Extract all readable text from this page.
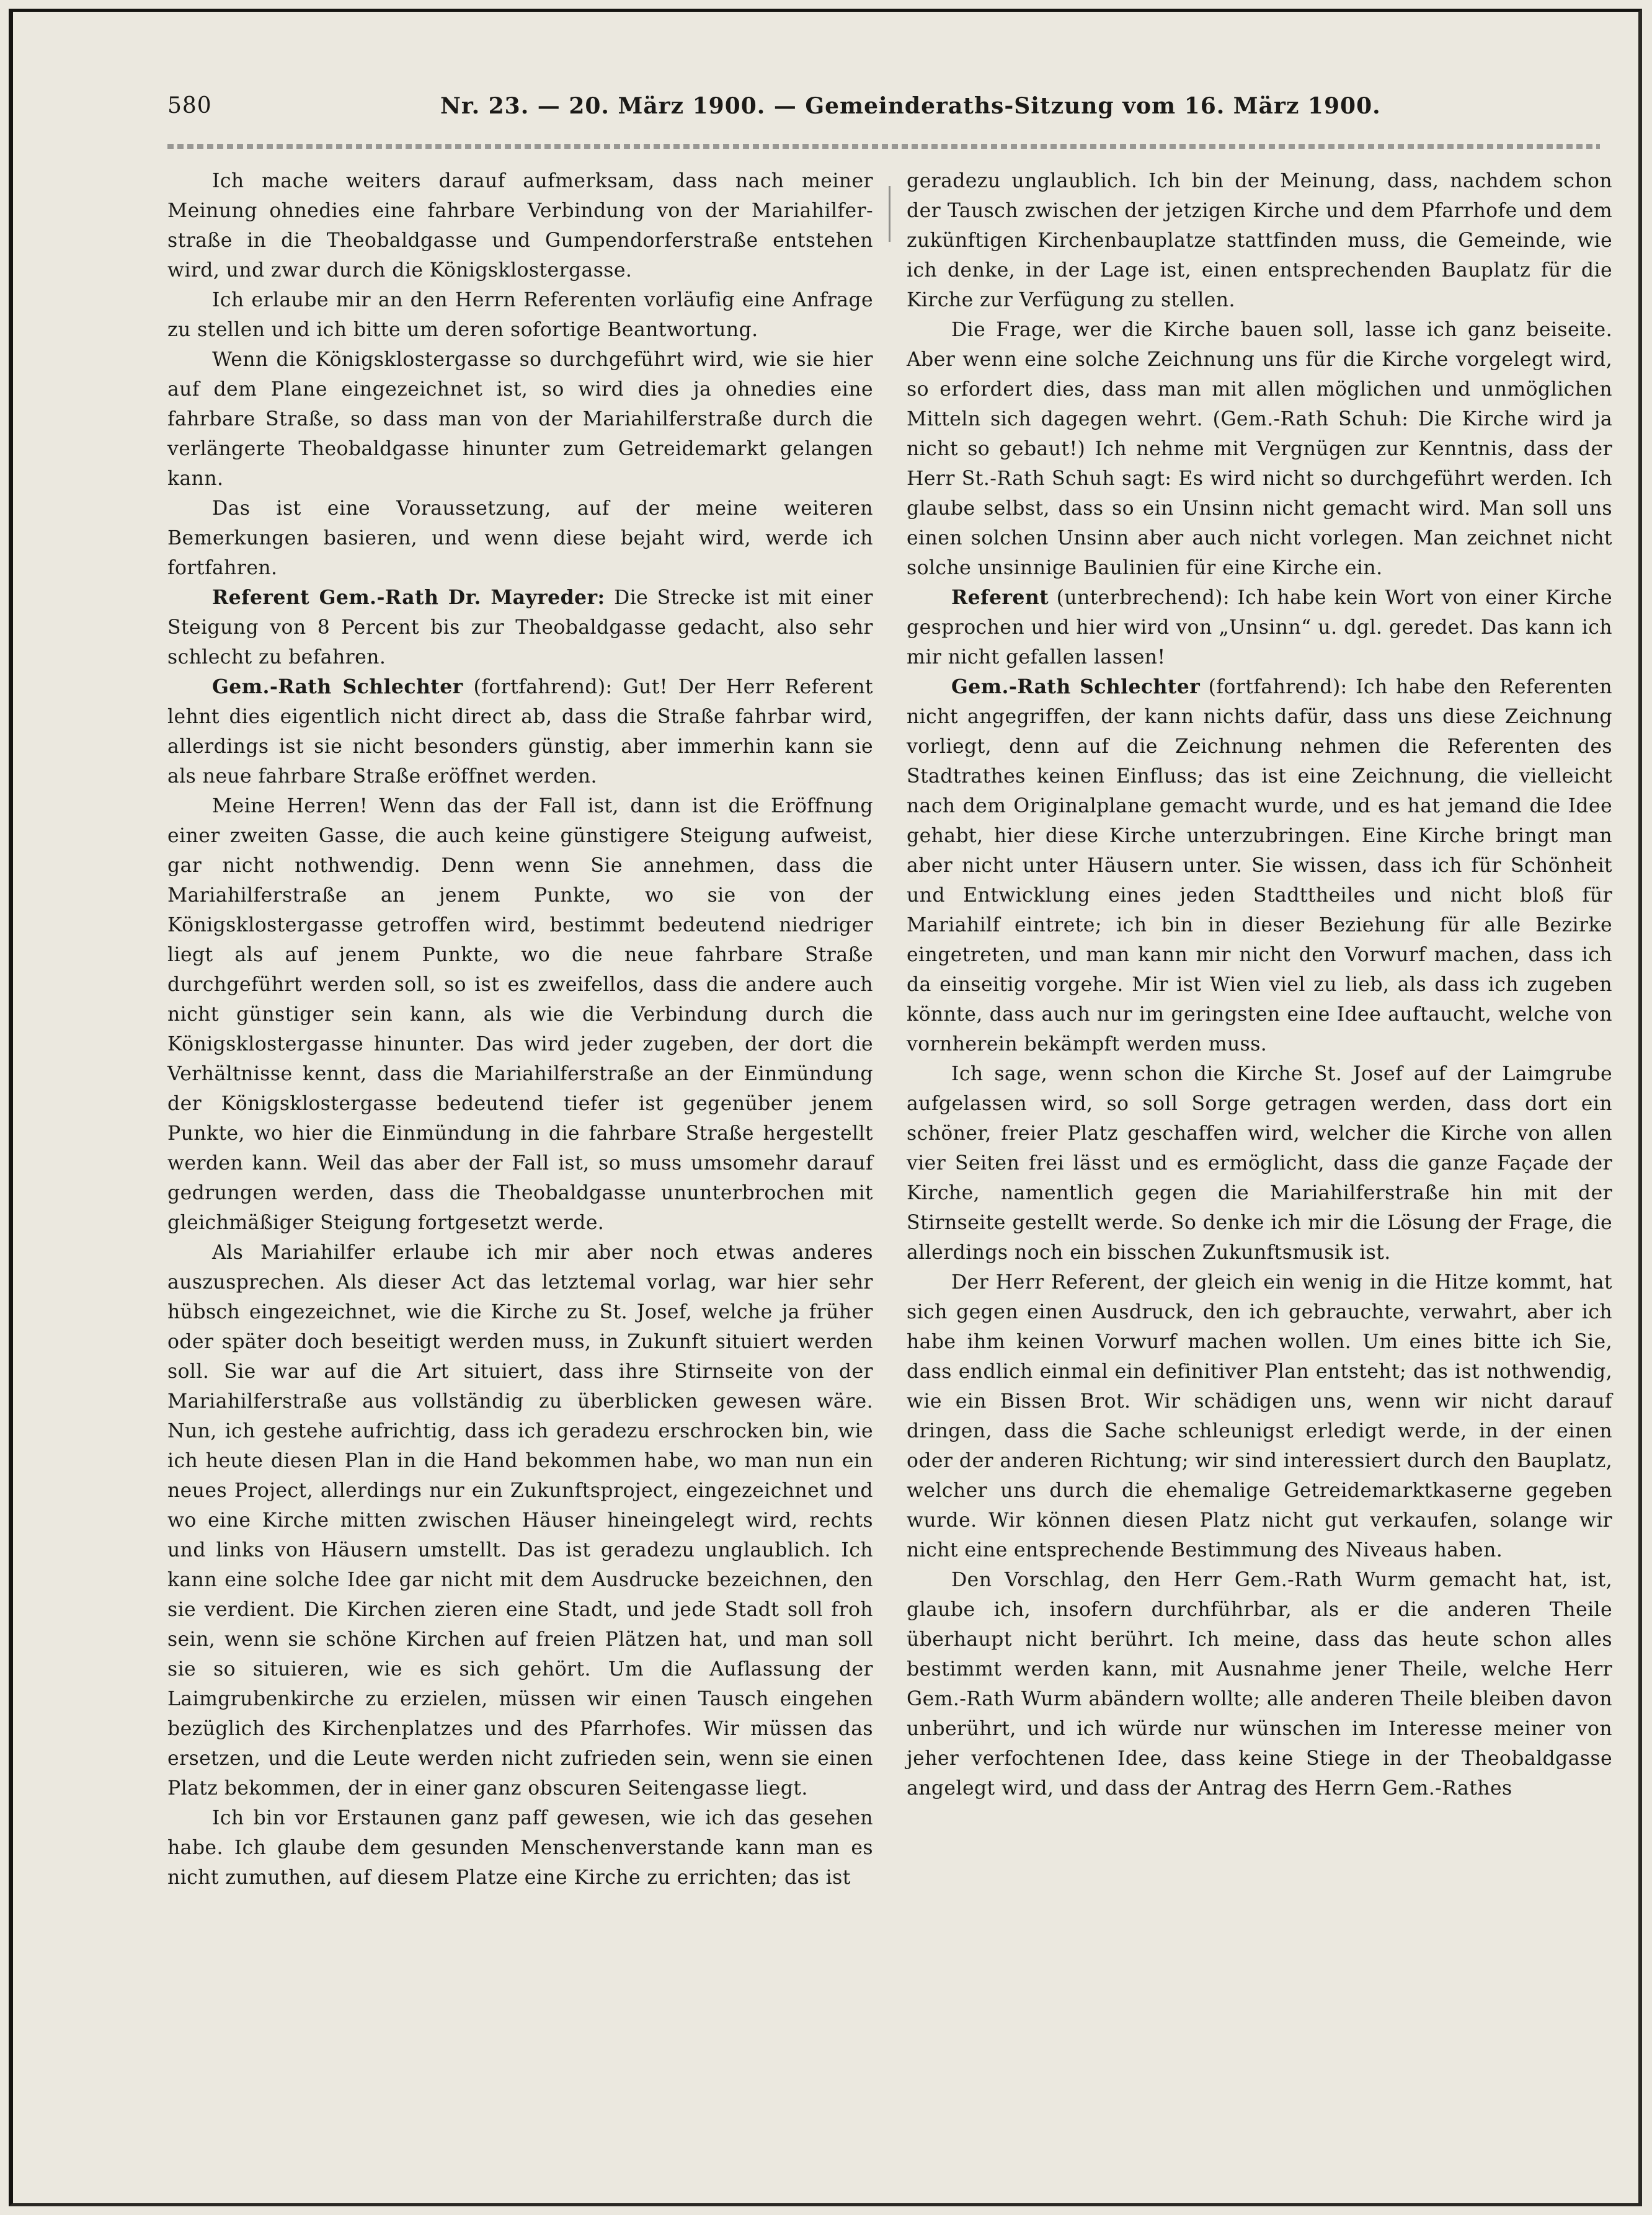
580	Nr. 23. — 20. März 1900. — Gemeinderaths-Sitzung vom 16. März 1900.

Ich mache weiters darauf aufmerksam, dass nach meiner Meinung ohnedies eine fahrbare Verbindung von der Mariahilfer-straße in die Theobaldgasse und Gumpendorferstraße entstehen wird, und zwar durch die Königsklostergasse.

Ich erlaube mir an den Herrn Referenten vorläufig eine Anfrage zu stellen und ich bitte um deren sofortige Beantwortung.

Wenn die Königsklostergasse so durchgeführt wird, wie sie hier auf dem Plane eingezeichnet ist, so wird dies ja ohnedies eine fahrbare Straße, so dass man von der Mariahilferstraße durch die verlängerte Theobaldgasse hinunter zum Getreidemarkt gelangen kann.

Das ist eine Voraussetzung, auf der meine weiteren Bemerkungen basieren, und wenn diese bejaht wird, werde ich fortfahren.

Referent Gem.-Rath Dr. Mayreder: Die Strecke ist mit einer Steigung von 8 Percent bis zur Theobaldgasse gedacht, also sehr schlecht zu befahren.

Gem.-Rath Schlechter (fortfahrend): Gut! Der Herr Referent lehnt dies eigentlich nicht direct ab, dass die Straße fahrbar wird, allerdings ist sie nicht besonders günstig, aber immerhin kann sie als neue fahrbare Straße eröffnet werden.

Meine Herren! Wenn das der Fall ist, dann ist die Eröffnung einer zweiten Gasse, die auch keine günstigere Steigung aufweist, gar nicht nothwendig. Denn wenn Sie annehmen, dass die Mariahilferstraße an jenem Punkte, wo sie von der Königsklostergasse getroffen wird, bestimmt bedeutend niedriger liegt als auf jenem Punkte, wo die neue fahrbare Straße durchgeführt werden soll, so ist es zweifellos, dass die andere auch nicht günstiger sein kann, als wie die Verbindung durch die Königsklostergasse hinunter. Das wird jeder zugeben, der dort die Verhältnisse kennt, dass die Mariahilferstraße an der Einmündung der Königsklostergasse bedeutend tiefer ist gegenüber jenem Punkte, wo hier die Einmündung in die fahrbare Straße hergestellt werden kann. Weil das aber der Fall ist, so muss umsomehr darauf gedrungen werden, dass die Theobaldgasse ununterbrochen mit gleichmäßiger Steigung fortgesetzt werde.

Als Mariahilfer erlaube ich mir aber noch etwas anderes auszusprechen. Als dieser Act das letztemal vorlag, war hier sehr hübsch eingezeichnet, wie die Kirche zu St. Josef, welche ja früher oder später doch beseitigt werden muss, in Zukunft situiert werden soll. Sie war auf die Art situiert, dass ihre Stirnseite von der Mariahilferstraße aus vollständig zu überblicken gewesen wäre. Nun, ich gestehe aufrichtig, dass ich geradezu erschrocken bin, wie ich heute diesen Plan in die Hand bekommen habe, wo man nun ein neues Project, allerdings nur ein Zukunftsproject, eingezeichnet und wo eine Kirche mitten zwischen Häuser hineingelegt wird, rechts und links von Häusern umstellt. Das ist geradezu unglaublich. Ich kann eine solche Idee gar nicht mit dem Ausdrucke bezeichnen, den sie verdient. Die Kirchen zieren eine Stadt, und jede Stadt soll froh sein, wenn sie schöne Kirchen auf freien Plätzen hat, und man soll sie so situieren, wie es sich gehört. Um die Auflassung der Laimgrubenkirche zu erzielen, müssen wir einen Tausch eingehen bezüglich des Kirchenplatzes und des Pfarrhofes. Wir müssen das ersetzen, und die Leute werden nicht zufrieden sein, wenn sie einen Platz bekommen, der in einer ganz obscuren Seitengasse liegt.

Ich bin vor Erstaunen ganz paff gewesen, wie ich das gesehen habe. Ich glaube dem gesunden Menschenverstande kann man es nicht zumuthen, auf diesem Platze eine Kirche zu errichten; das ist

geradezu unglaublich. Ich bin der Meinung, dass, nachdem schon der Tausch zwischen der jetzigen Kirche und dem Pfarrhofe und dem zukünftigen Kirchenbauplatze stattfinden muss, die Gemeinde, wie ich denke, in der Lage ist, einen entsprechenden Bauplatz für die Kirche zur Verfügung zu stellen.

Die Frage, wer die Kirche bauen soll, lasse ich ganz beiseite. Aber wenn eine solche Zeichnung uns für die Kirche vorgelegt wird, so erfordert dies, dass man mit allen möglichen und unmöglichen Mitteln sich dagegen wehrt. (Gem.-Rath Schuh: Die Kirche wird ja nicht so gebaut!) Ich nehme mit Vergnügen zur Kenntnis, dass der Herr St.-Rath Schuh sagt: Es wird nicht so durchgeführt werden. Ich glaube selbst, dass so ein Unsinn nicht gemacht wird. Man soll uns einen solchen Unsinn aber auch nicht vorlegen. Man zeichnet nicht solche unsinnige Baulinien für eine Kirche ein.

Referent (unterbrechend): Ich habe kein Wort von einer Kirche gesprochen und hier wird von „Unsinn“ u. dgl. geredet. Das kann ich mir nicht gefallen lassen!

Gem.-Rath Schlechter (fortfahrend): Ich habe den Referenten nicht angegriffen, der kann nichts dafür, dass uns diese Zeichnung vorliegt, denn auf die Zeichnung nehmen die Referenten des Stadtrathes keinen Einfluss; das ist eine Zeichnung, die vielleicht nach dem Originalplane gemacht wurde, und es hat jemand die Idee gehabt, hier diese Kirche unterzubringen. Eine Kirche bringt man aber nicht unter Häusern unter. Sie wissen, dass ich für Schönheit und Entwicklung eines jeden Stadttheiles und nicht bloß für Mariahilf eintrete; ich bin in dieser Beziehung für alle Bezirke eingetreten, und man kann mir nicht den Vorwurf machen, dass ich da einseitig vorgehe. Mir ist Wien viel zu lieb, als dass ich zugeben könnte, dass auch nur im geringsten eine Idee auftaucht, welche von vornherein bekämpft werden muss.

Ich sage, wenn schon die Kirche St. Josef auf der Laimgrube aufgelassen wird, so soll Sorge getragen werden, dass dort ein schöner, freier Platz geschaffen wird, welcher die Kirche von allen vier Seiten frei lässt und es ermöglicht, dass die ganze Façade der Kirche, namentlich gegen die Mariahilferstraße hin mit der Stirnseite gestellt werde. So denke ich mir die Lösung der Frage, die allerdings noch ein bisschen Zukunftsmusik ist.

Der Herr Referent, der gleich ein wenig in die Hitze kommt, hat sich gegen einen Ausdruck, den ich gebrauchte, verwahrt, aber ich habe ihm keinen Vorwurf machen wollen. Um eines bitte ich Sie, dass endlich einmal ein definitiver Plan entsteht; das ist nothwendig, wie ein Bissen Brot. Wir schädigen uns, wenn wir nicht darauf dringen, dass die Sache schleunigst erledigt werde, in der einen oder der anderen Richtung; wir sind interessiert durch den Bauplatz, welcher uns durch die ehemalige Getreidemarktkaserne gegeben wurde. Wir können diesen Platz nicht gut verkaufen, solange wir nicht eine entsprechende Bestimmung des Niveaus haben.

Den Vorschlag, den Herr Gem.-Rath Wurm gemacht hat, ist, glaube ich, insofern durchführbar, als er die anderen Theile überhaupt nicht berührt. Ich meine, dass das heute schon alles bestimmt werden kann, mit Ausnahme jener Theile, welche Herr Gem.-Rath Wurm abändern wollte; alle anderen Theile bleiben davon unberührt, und ich würde nur wünschen im Interesse meiner von jeher verfochtenen Idee, dass keine Stiege in der Theobaldgasse angelegt wird, und dass der Antrag des Herrn Gem.-Rathes
